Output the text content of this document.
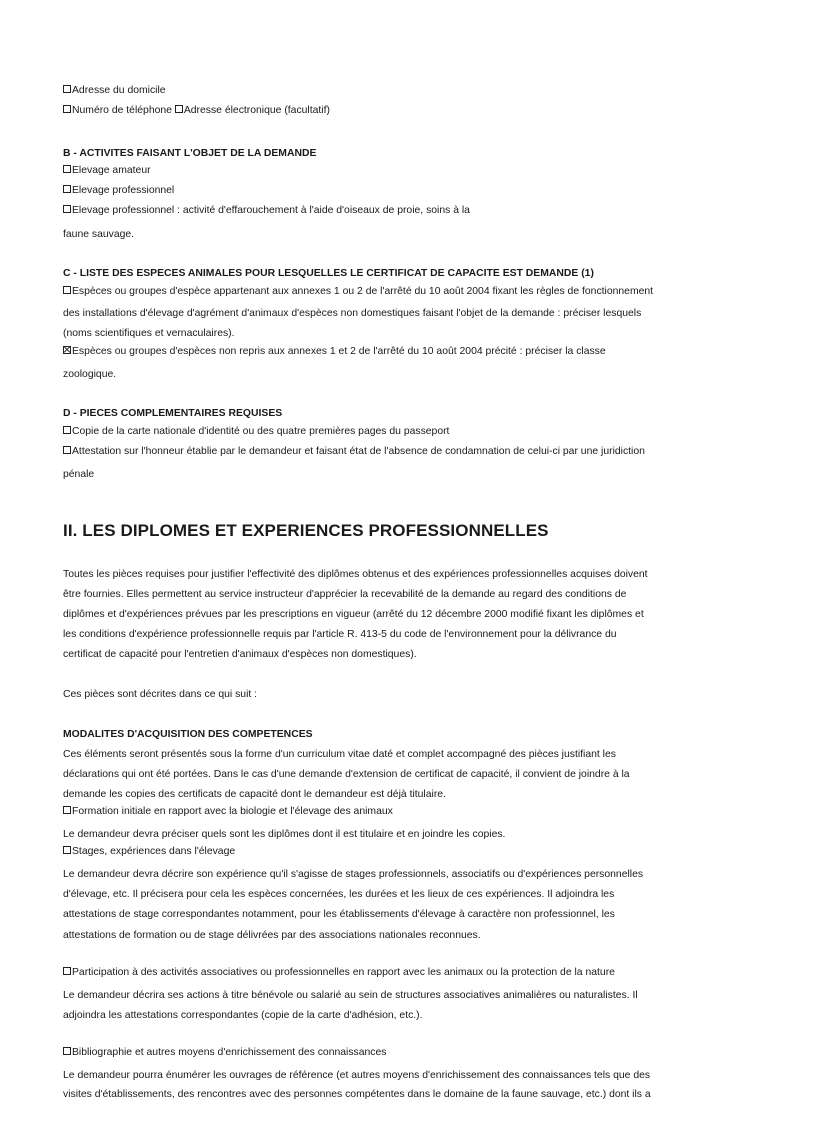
Adresse du domicile
Numéro de téléphone Adresse électronique (facultatif)
B - ACTIVITES FAISANT L'OBJET DE LA DEMANDE
Elevage amateur
Elevage professionnel
Elevage professionnel : activité d'effarouchement à l'aide d'oiseaux de proie, soins à la
faune sauvage.
C - LISTE DES ESPECES ANIMALES POUR LESQUELLES LE CERTIFICAT DE CAPACITE EST DEMANDE (1)
Espèces ou groupes d'espèce appartenant aux annexes 1 ou 2 de l'arrêté du 10 août 2004 fixant les règles de fonctionnement
des installations d'élevage d'agrément d'animaux d'espèces non domestiques faisant l'objet de la demande : préciser lesquels
(noms scientifiques et vernaculaires).
Espèces ou groupes d'espèces non repris aux annexes 1 et 2 de l'arrêté du 10 août 2004 précité : préciser la classe
zoologique.
D - PIECES COMPLEMENTAIRES REQUISES
Copie de la carte nationale d'identité ou des quatre premières pages du passeport
Attestation sur l'honneur établie par le demandeur et faisant état de l'absence de condamnation de celui-ci par une juridiction
pénale
II. LES DIPLOMES ET EXPERIENCES PROFESSIONNELLES
Toutes les pièces requises pour justifier l'effectivité des diplômes obtenus et des expériences professionnelles acquises doivent
être fournies. Elles permettent au service instructeur d'apprécier la recevabilité de la demande au regard des conditions de
diplômes et d'expériences prévues par les prescriptions en vigueur (arrêté du 12 décembre 2000 modifié fixant les diplômes et
les conditions d'expérience professionnelle requis par l'article R. 413-5 du code de l'environnement pour la délivrance du
certificat de capacité pour l'entretien d'animaux d'espèces non domestiques).
Ces pièces sont décrites dans ce qui suit :
MODALITES D'ACQUISITION DES COMPETENCES
Ces éléments seront présentés sous la forme d'un curriculum vitae daté et complet accompagné des pièces justifiant les
déclarations qui ont été portées. Dans le cas d'une demande d'extension de certificat de capacité, il convient de joindre à la
demande les copies des certificats de capacité dont le demandeur est déjà titulaire.
Formation initiale en rapport avec la biologie et l'élevage des animaux
Le demandeur devra préciser quels sont les diplômes dont il est titulaire et en joindre les copies.
Stages, expériences dans l'élevage
Le demandeur devra décrire son expérience qu'il s'agisse de stages professionnels, associatifs ou d'expériences personnelles
d'élevage, etc. Il précisera pour cela les espèces concernées, les durées et les lieux de ces expériences. Il adjoindra les
attestations de stage correspondantes notamment, pour les établissements d'élevage à caractère non professionnel, les
attestations de formation ou de stage délivrées par des associations nationales reconnues.
Participation à des activités associatives ou professionnelles en rapport avec les animaux ou la protection de la nature
Le demandeur décrira ses actions à titre bénévole ou salarié au sein de structures associatives animalières ou naturalistes. Il
adjoindra les attestations correspondantes (copie de la carte d'adhésion, etc.).
Bibliographie et autres moyens d'enrichissement des connaissances
Le demandeur pourra énumérer les ouvrages de référence (et autres moyens d'enrichissement des connaissances tels que des
visites d'établissements, des rencontres avec des personnes compétentes dans le domaine de la faune sauvage, etc.) dont ils a
